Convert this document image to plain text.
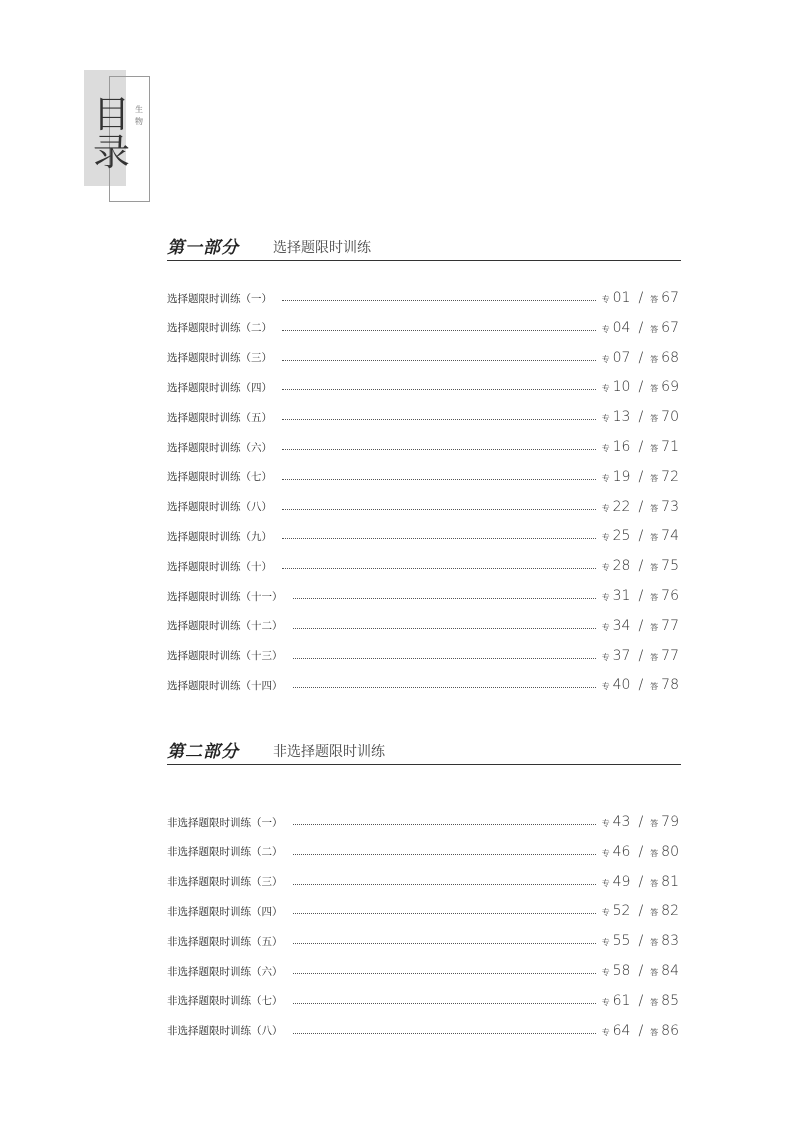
目录
生物
第一部分 选择题限时训练
选择题限时训练（一）	专 01 / 答 67
选择题限时训练（二）	专 04 / 答 67
选择题限时训练（三）	专 07 / 答 68
选择题限时训练（四）	专 10 / 答 69
选择题限时训练（五）	专 13 / 答 70
选择题限时训练（六）	专 16 / 答 71
选择题限时训练（七）	专 19 / 答 72
选择题限时训练（八）	专 22 / 答 73
选择题限时训练（九）	专 25 / 答 74
选择题限时训练（十）	专 28 / 答 75
选择题限时训练（十一）	专 31 / 答 76
选择题限时训练（十二）	专 34 / 答 77
选择题限时训练（十三）	专 37 / 答 77
选择题限时训练（十四）	专 40 / 答 78
第二部分 非选择题限时训练
非选择题限时训练（一）	专 43 / 答 79
非选择题限时训练（二）	专 46 / 答 80
非选择题限时训练（三）	专 49 / 答 81
非选择题限时训练（四）	专 52 / 答 82
非选择题限时训练（五）	专 55 / 答 83
非选择题限时训练（六）	专 58 / 答 84
非选择题限时训练（七）	专 61 / 答 85
非选择题限时训练（八）	专 64 / 答 86
